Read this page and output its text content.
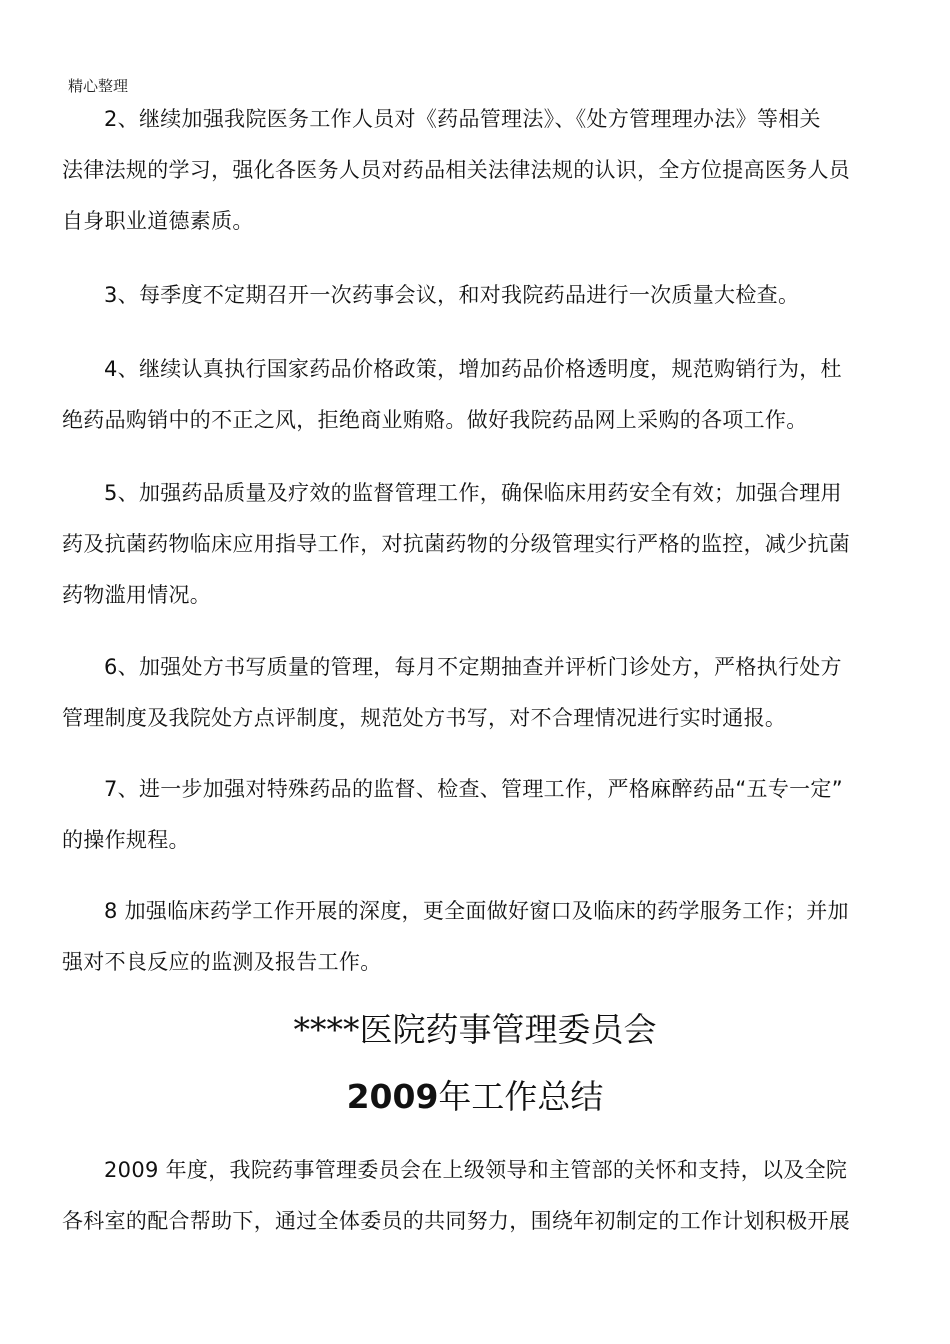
精心整理

2、继续加强我院医务工作人员对《药品管理法》、《处方管理理办法》等相关
法律法规的学习，强化各医务人员对药品相关法律法规的认识，全方位提高医务人员
自身职业道德素质。

3、每季度不定期召开一次药事会议，和对我院药品进行一次质量大检查。

4、继续认真执行国家药品价格政策，增加药品价格透明度，规范购销行为，杜
绝药品购销中的不正之风，拒绝商业贿赂。做好我院药品网上采购的各项工作。

5、加强药品质量及疗效的监督管理工作，确保临床用药安全有效；加强合理用
药及抗菌药物临床应用指导工作，对抗菌药物的分级管理实行严格的监控，减少抗菌
药物滥用情况。

6、加强处方书写质量的管理，每月不定期抽查并评析门诊处方，严格执行处方
管理制度及我院处方点评制度，规范处方书写，对不合理情况进行实时通报。

7、进一步加强对特殊药品的监督、检查、管理工作，严格麻醉药品“五专一定”
的操作规程。

8 加强临床药学工作开展的深度，更全面做好窗口及临床的药学服务工作；并加
强对不良反应的监测及报告工作。

****医院药事管理委员会
2009年工作总结

2009 年度，我院药事管理委员会在上级领导和主管部的关怀和支持，以及全院
各科室的配合帮助下，通过全体委员的共同努力，围绕年初制定的工作计划积极开展
